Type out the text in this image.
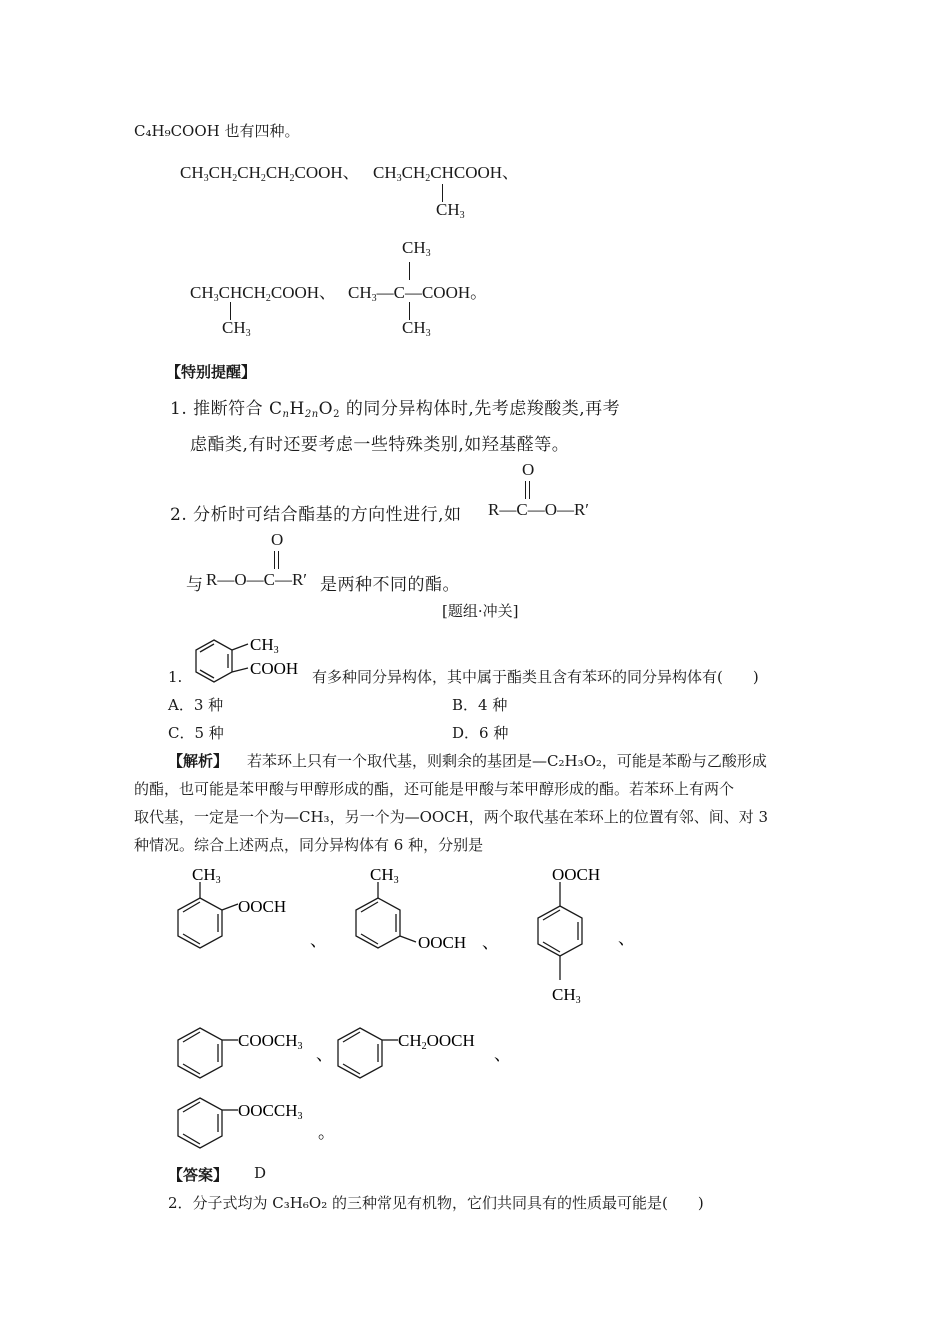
C₄H₉COOH 也有四种。
$CH_3CH_2CH_2CH_2COOH$、 $CH_3CH_2CHCOOH$、
$CH_3$
$CH_3CHCH_2COOH$、
$CH_3$
$CH_3$
$CH_3—C—COOH$。
$CH_3$
【特别提醒】
1. 推断符合 $C_nH_{2n}O_2$ 的同分异构体时,先考虑羧酸类,再考
虑酯类,有时还要考虑一些特殊类别,如羟基醛等。
2. 分析时可结合酯基的方向性进行,如 R—C—O—R′
O
与 R—O—C—R′
O
是两种不同的酯。
[题组·冲关]
1.
CH3
COOH 有多种同分异构体，其中属于酯类且含有苯环的同分异构体有(　　)
A．3 种	B．4 种
C．5 种	D．6 种
【解析】 　若苯环上只有一个取代基，则剩余的基团是—C₂H₃O₂，可能是苯酚与乙酸形成
的酯，也可能是苯甲酸与甲醇形成的酯，还可能是甲酸与苯甲醇形成的酯。若苯环上有两个
取代基，一定是一个为—CH₃，另一个为—OOCH，两个取代基在苯环上的位置有邻、间、对 3
种情况。综合上述两点，同分异构体有 6 种，分别是
CH3
OOCH
、
CH3
OOCH 、
OOCH
CH3
、
COOCH3 、
CH2OOCH
、
OOCCH3
。
【答案】 D
2．分子式均为 C₃H₆O₂ 的三种常见有机物，它们共同具有的性质最可能是(　　)
